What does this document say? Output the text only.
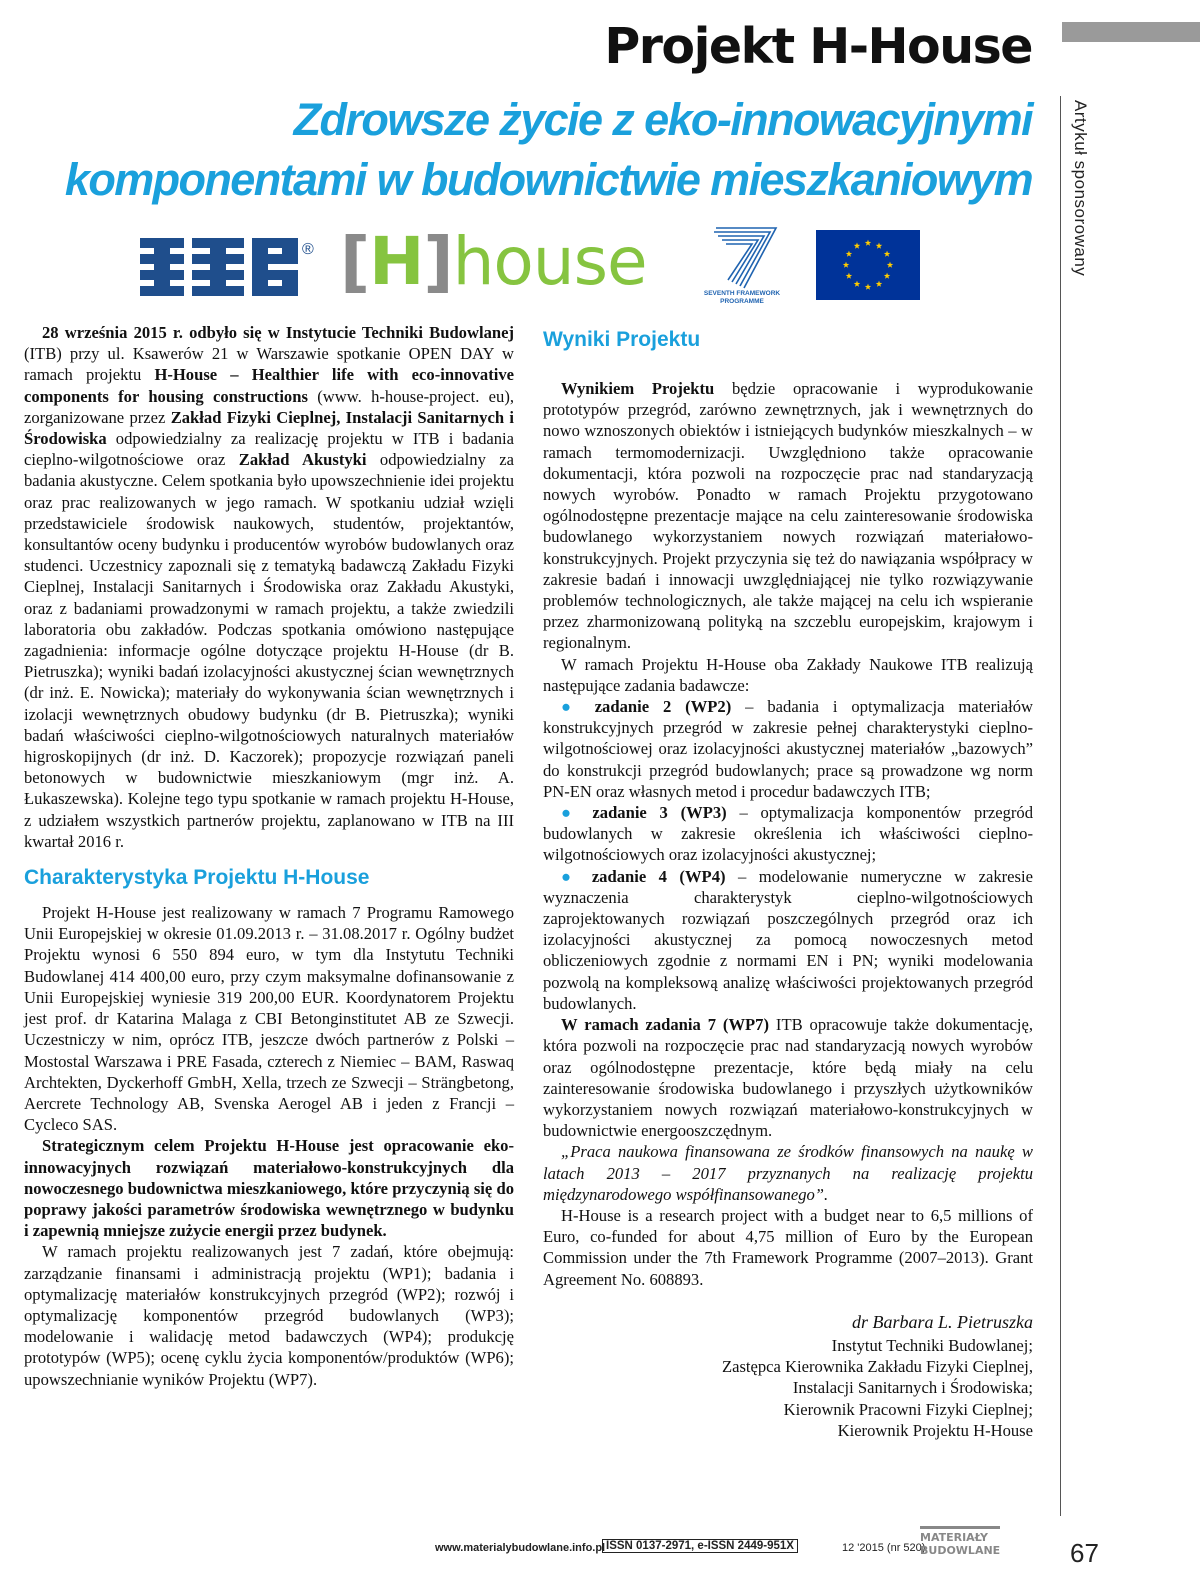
Artykuł sponsorowany
Projekt H-House
Zdrowsze życie z eko-innowacyjnymi
komponentami w budownictwie mieszkaniowym
® [H]house	SEVENTH FRAMEWORK
PROGRAMME

28 września 2015 r. odbyło się w Instytucie Techniki Budowlanej (ITB) przy ul. Ksawerów 21 w Warszawie spotkanie OPEN DAY w ramach projektu H-House – Healthier life with eco-innovative components for housing constructions (www. h-house-project. eu), zorganizowane przez Zakład Fizyki Cieplnej, Instalacji Sanitarnych i Środowiska odpowiedzialny za realizację projektu w ITB i badania cieplno-wilgotnościowe oraz Zakład Akustyki odpowiedzialny za badania akustyczne. Celem spotkania było upowszechnienie idei projektu oraz prac realizowanych w jego ramach. W spotkaniu udział wzięli przedstawiciele środowisk naukowych, studentów, projektantów, konsultantów oceny budynku i producentów wyrobów budowlanych oraz studenci. Uczestnicy zapoznali się z tematyką badawczą Zakładu Fizyki Cieplnej, Instalacji Sanitarnych i Środowiska oraz Zakładu Akustyki, oraz z badaniami prowadzonymi w ramach projektu, a także zwiedzili laboratoria obu zakładów. Podczas spotkania omówiono następujące zagadnienia: informacje ogólne dotyczące projektu H-House (dr B. Pietruszka); wyniki badań izolacyjności akustycznej ścian wewnętrznych (dr inż. E. Nowicka); materiały do wykonywania ścian wewnętrznych i izolacji wewnętrznych obudowy budynku (dr B. Pietruszka); wyniki badań właściwości cieplno-wilgotnościowych naturalnych materiałów higroskopijnych (dr inż. D. Kaczorek); propozycje rozwiązań paneli betonowych w budownictwie mieszkaniowym (mgr inż. A. Łukaszewska). Kolejne tego typu spotkanie w ramach projektu H-House, z udziałem wszystkich partnerów projektu, zaplanowano w ITB na III kwartał 2016 r.

Charakterystyka Projektu H-House

Projekt H-House jest realizowany w ramach 7 Programu Ramowego Unii Europejskiej w okresie 01.09.2013 r. – 31.08.2017 r. Ogólny budżet Projektu wynosi 6 550 894 euro, w tym dla Instytutu Techniki Budowlanej 414 400,00 euro, przy czym maksymalne dofinansowanie z Unii Europejskiej wyniesie 319 200,00 EUR. Koordynatorem Projektu jest prof. dr Katarina Malaga z CBI Betonginstitutet AB ze Szwecji. Uczestniczy w nim, oprócz ITB, jeszcze dwóch partnerów z Polski – Mostostal Warszawa i PRE Fasada, czterech z Niemiec – BAM, Raswaq Archtekten, Dyckerhoff GmbH, Xella, trzech ze Szwecji – Strängbetong, Aercrete Technology AB, Svenska Aerogel AB i jeden z Francji – Cycleco SAS.

Strategicznym celem Projektu H-House jest opracowanie eko-innowacyjnych rozwiązań materiałowo-konstrukcyjnych dla nowoczesnego budownictwa mieszkaniowego, które przyczynią się do poprawy jakości parametrów środowiska wewnętrznego w budynku i zapewnią mniejsze zużycie energii przez budynek.

W ramach projektu realizowanych jest 7 zadań, które obejmują: zarządzanie finansami i administracją projektu (WP1); badania i optymalizację materiałów konstrukcyjnych przegród (WP2); rozwój i optymalizację komponentów przegród budowlanych (WP3); modelowanie i walidację metod badawczych (WP4); produkcję prototypów (WP5); ocenę cyklu życia komponentów/produktów (WP6); upowszechnianie wyników Projektu (WP7).

Wyniki Projektu

Wynikiem Projektu będzie opracowanie i wyprodukowanie prototypów przegród, zarówno zewnętrznych, jak i wewnętrznych do nowo wznoszonych obiektów i istniejących budynków mieszkalnych – w ramach termomodernizacji. Uwzględniono także opracowanie dokumentacji, która pozwoli na rozpoczęcie prac nad standaryzacją nowych wyrobów. Ponadto w ramach Projektu przygotowano ogólnodostępne prezentacje mające na celu zainteresowanie środowiska budowlanego wykorzystaniem nowych rozwiązań materiałowo-konstrukcyjnych. Projekt przyczynia się też do nawiązania współpracy w zakresie badań i innowacji uwzględniającej nie tylko rozwiązywanie problemów technologicznych, ale także mającej na celu ich wspieranie przez zharmonizowaną polityką na szczeblu europejskim, krajowym i regionalnym.

W ramach Projektu H-House oba Zakłady Naukowe ITB realizują następujące zadania badawcze:

● zadanie 2 (WP2) – badania i optymalizacja materiałów konstrukcyjnych przegród w zakresie pełnej charakterystyki cieplno-wilgotnościowej oraz izolacyjności akustycznej materiałów „bazowych” do konstrukcji przegród budowlanych; prace są prowadzone wg norm PN-EN oraz własnych metod i procedur badawczych ITB;

● zadanie 3 (WP3) – optymalizacja komponentów przegród budowlanych w zakresie określenia ich właściwości cieplno-wilgotnościowych oraz izolacyjności akustycznej;

● zadanie 4 (WP4) – modelowanie numeryczne w zakresie wyznaczenia charakterystyk cieplno-wilgotnościowych zaprojektowanych rozwiązań poszczególnych przegród oraz ich izolacyjności akustycznej za pomocą nowoczesnych metod obliczeniowych zgodnie z normami EN i PN; wyniki modelowania pozwolą na kompleksową analizę właściwości projektowanych przegród budowlanych.

W ramach zadania 7 (WP7) ITB opracowuje także dokumentację, która pozwoli na rozpoczęcie prac nad standaryzacją nowych wyrobów oraz ogólnodostępne prezentacje, które będą miały na celu zainteresowanie środowiska budowlanego i przyszłych użytkowników wykorzystaniem nowych rozwiązań materiałowo-konstrukcyjnych w budownictwie energooszczędnym.

„Praca naukowa finansowana ze środków finansowych na naukę w latach 2013 – 2017 przyznanych na realizację projektu międzynarodowego współfinansowanego”.

H-House is a research project with a budget near to 6,5 millions of Euro, co-funded for about 4,75 million of Euro by the European Commission under the 7th Framework Programme (2007–2013). Grant Agreement No. 608893.

dr Barbara L. Pietruszka
Instytut Techniki Budowlanej;
Zastępca Kierownika Zakładu Fizyki Cieplnej,
Instalacji Sanitarnych i Środowiska;
Kierownik Pracowni Fizyki Cieplnej;
Kierownik Projektu H-House
www.materialybudowlane.info.pl ISSN 0137-2971, e-ISSN 2449-951X	12 '2015 (nr 520)
MATERIAŁY
BUDOWLANE	67
